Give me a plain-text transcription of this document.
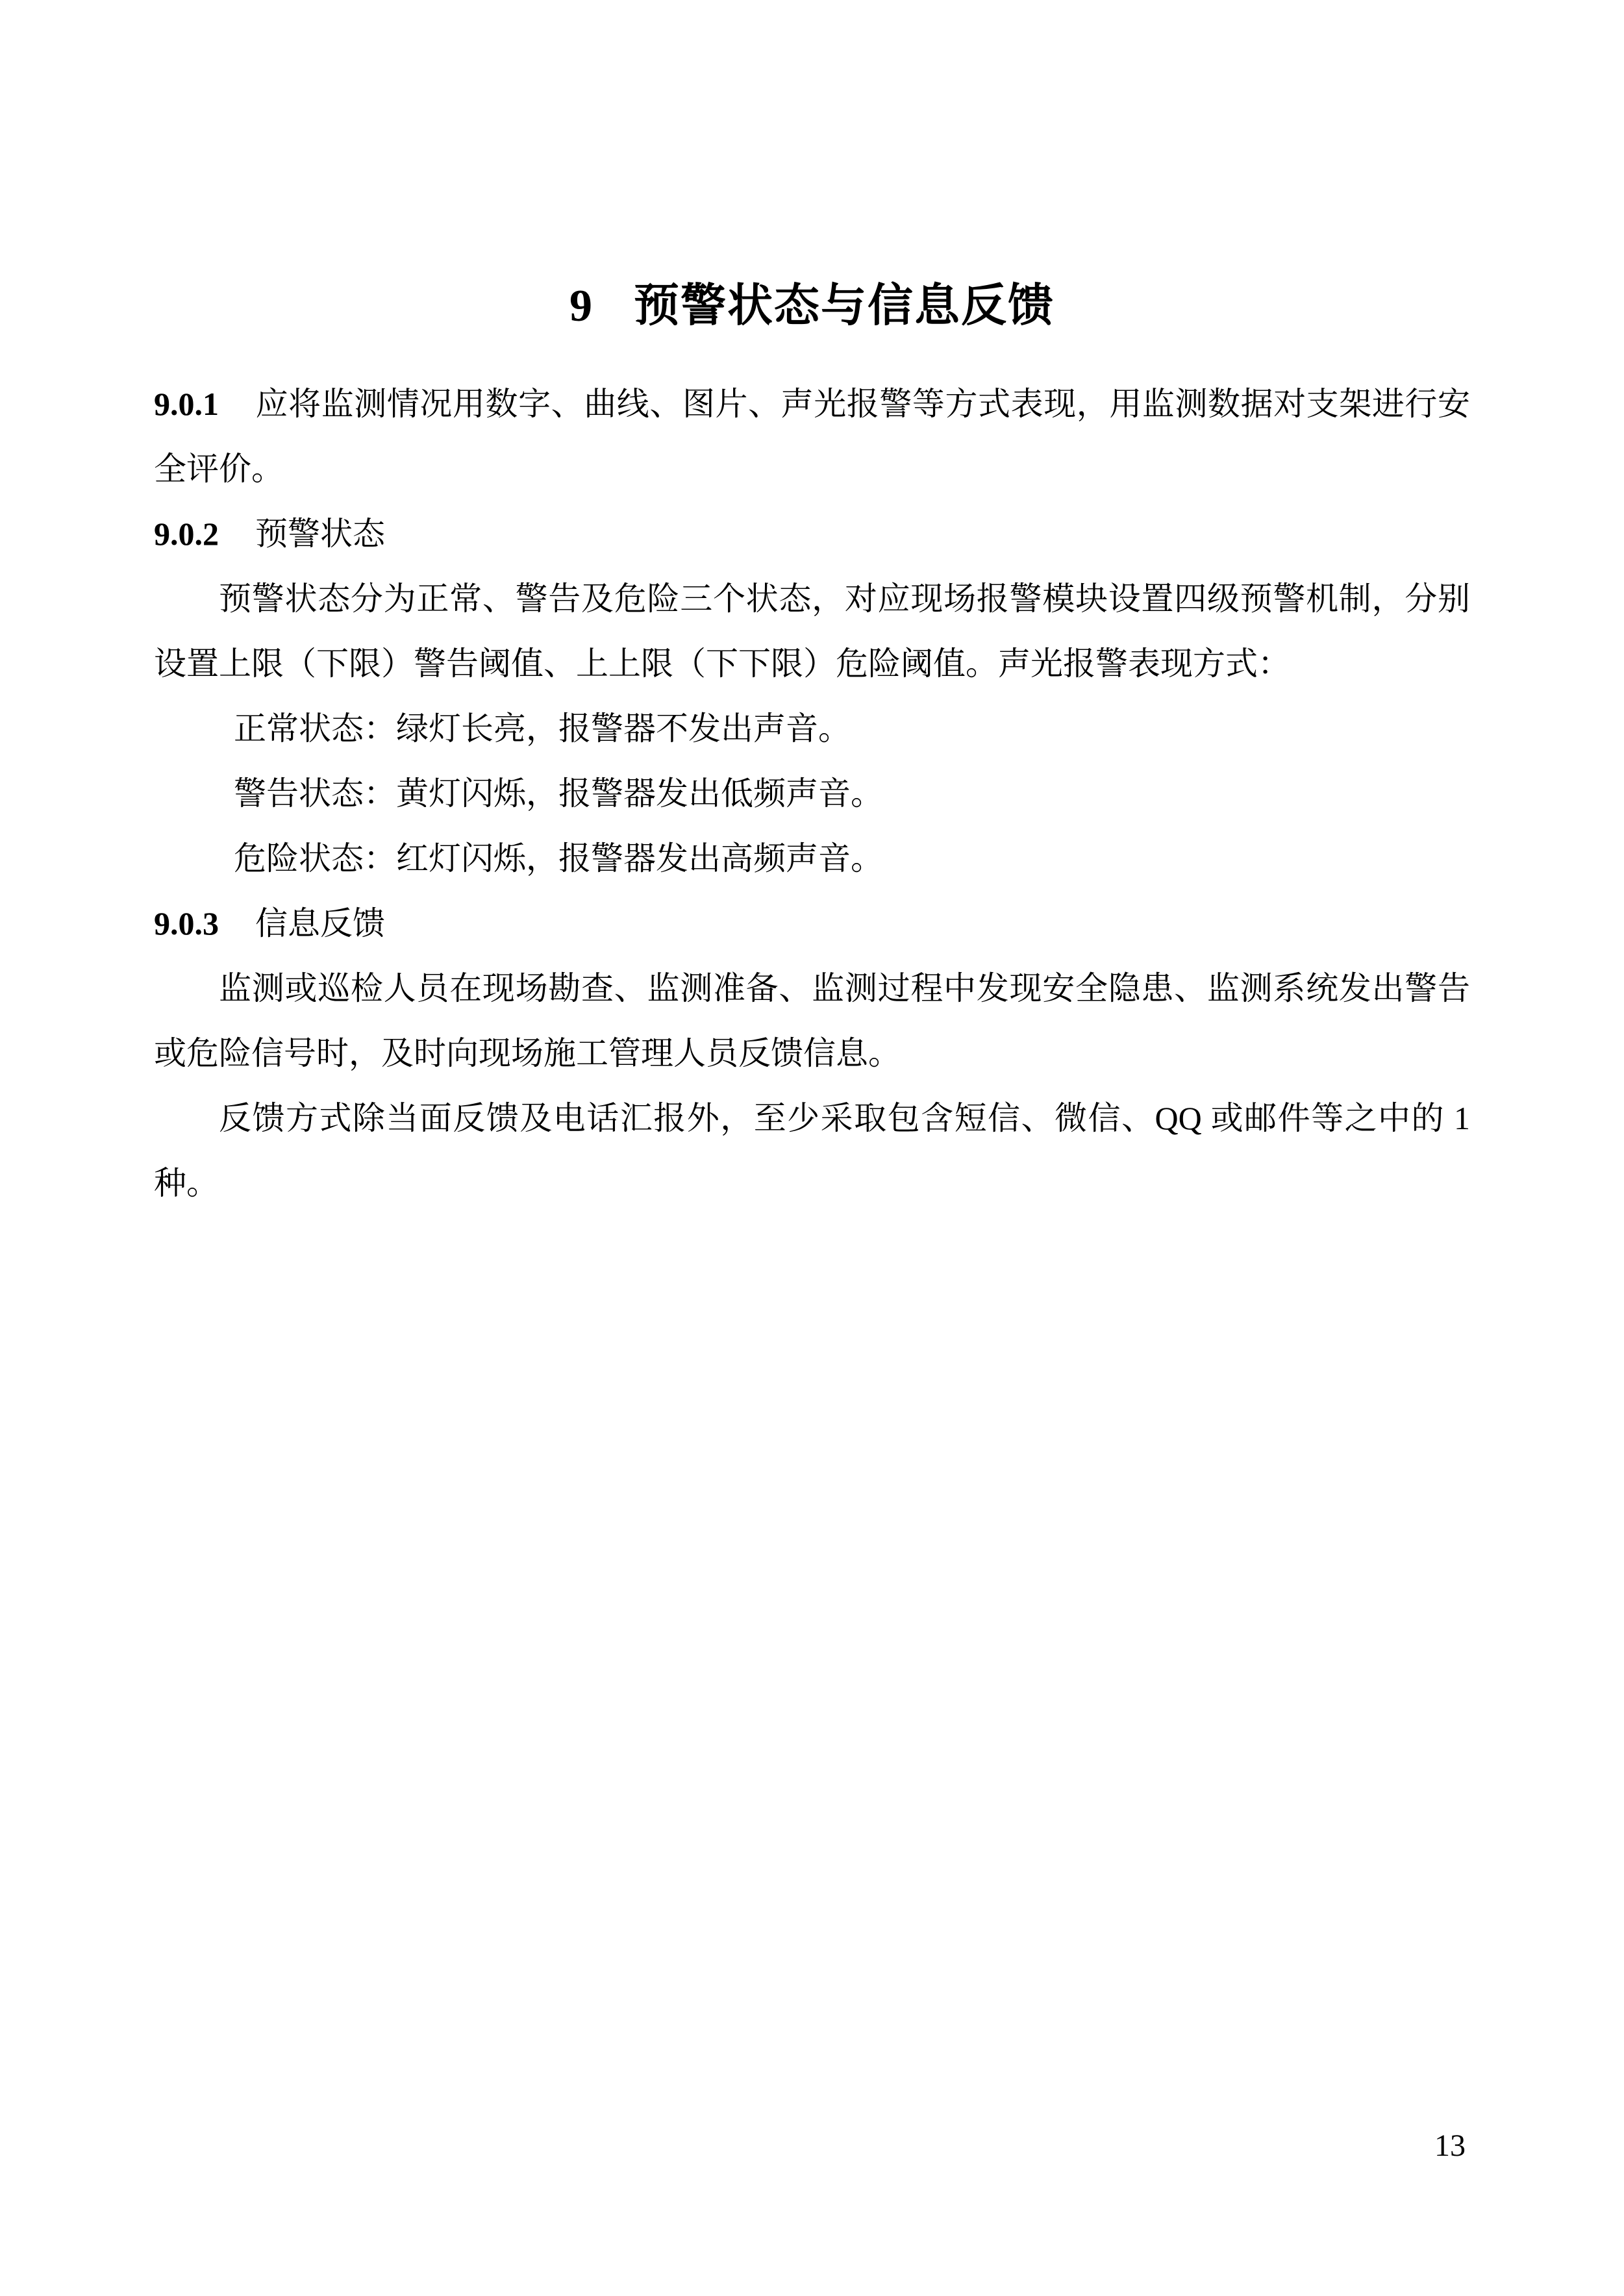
9 预警状态与信息反馈

9.0.1 应将监测情况用数字、曲线、图片、声光报警等方式表现，用监测数据对支架进行安全评价。

9.0.2 预警状态

预警状态分为正常、警告及危险三个状态，对应现场报警模块设置四级预警机制，分别设置上限（下限）警告阈值、上上限（下下限）危险阈值。声光报警表现方式：

正常状态：绿灯长亮，报警器不发出声音。

警告状态：黄灯闪烁，报警器发出低频声音。

危险状态：红灯闪烁，报警器发出高频声音。

9.0.3 信息反馈

监测或巡检人员在现场勘查、监测准备、监测过程中发现安全隐患、监测系统发出警告或危险信号时，及时向现场施工管理人员反馈信息。

反馈方式除当面反馈及电话汇报外，至少采取包含短信、微信、QQ 或邮件等之中的 1 种。

13
